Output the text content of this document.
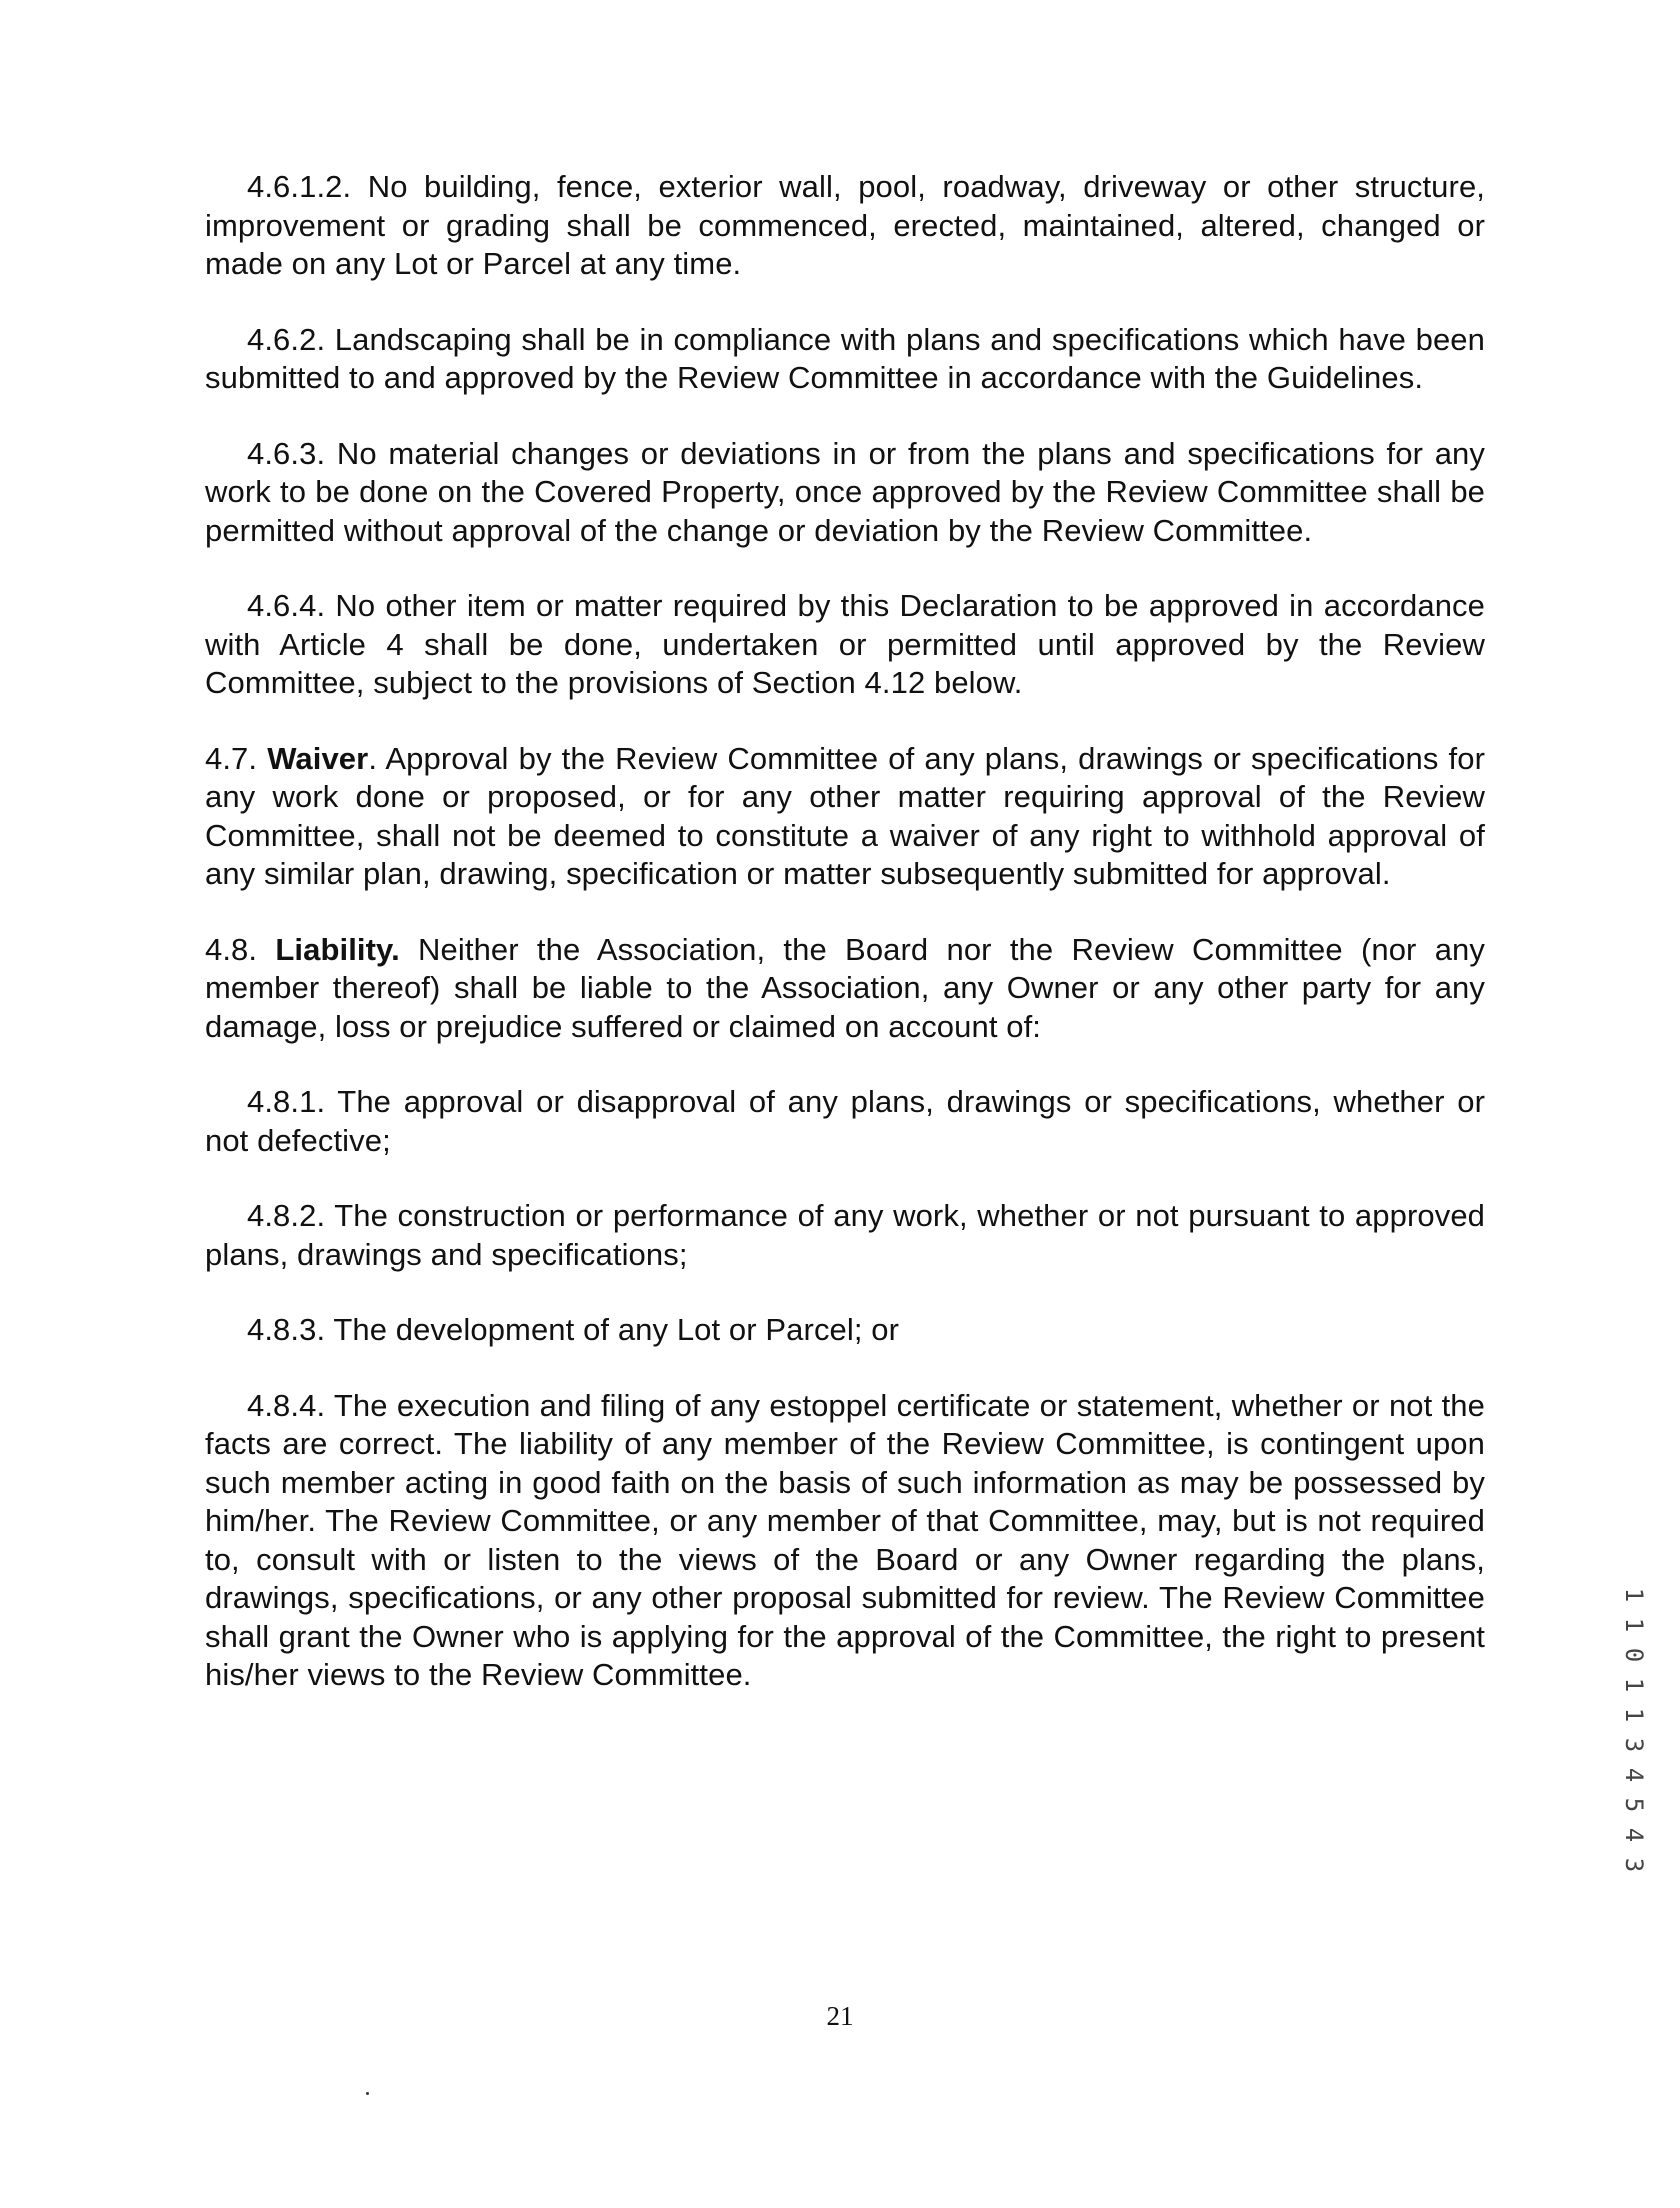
4.6.1.2. No building, fence, exterior wall, pool, roadway, driveway or other structure, improvement or grading shall be commenced, erected, maintained, altered, changed or made on any Lot or Parcel at any time.

4.6.2. Landscaping shall be in compliance with plans and specifications which have been submitted to and approved by the Review Committee in accordance with the Guidelines.

4.6.3. No material changes or deviations in or from the plans and specifications for any work to be done on the Covered Property, once approved by the Review Committee shall be permitted without approval of the change or deviation by the Review Committee.

4.6.4. No other item or matter required by this Declaration to be approved in accordance with Article 4 shall be done, undertaken or permitted until approved by the Review Committee, subject to the provisions of Section 4.12 below.

4.7. Waiver. Approval by the Review Committee of any plans, drawings or specifications for any work done or proposed, or for any other matter requiring approval of the Review Committee, shall not be deemed to constitute a waiver of any right to withhold approval of any similar plan, drawing, specification or matter subsequently submitted for approval.

4.8. Liability. Neither the Association, the Board nor the Review Committee (nor any member thereof) shall be liable to the Association, any Owner or any other party for any damage, loss or prejudice suffered or claimed on account of:

4.8.1. The approval or disapproval of any plans, drawings or specifications, whether or not defective;

4.8.2. The construction or performance of any work, whether or not pursuant to approved plans, drawings and specifications;

4.8.3. The development of any Lot or Parcel; or

4.8.4. The execution and filing of any estoppel certificate or statement, whether or not the facts are correct. The liability of any member of the Review Committee, is contingent upon such member acting in good faith on the basis of such information as may be possessed by him/her. The Review Committee, or any member of that Committee, may, but is not required to, consult with or listen to the views of the Board or any Owner regarding the plans, drawings, specifications, or any other proposal submitted for review. The Review Committee shall grant the Owner who is applying for the approval of the Committee, the right to present his/her views to the Review Committee.

1
1
0
1
1
3
4
5
4
3
21
